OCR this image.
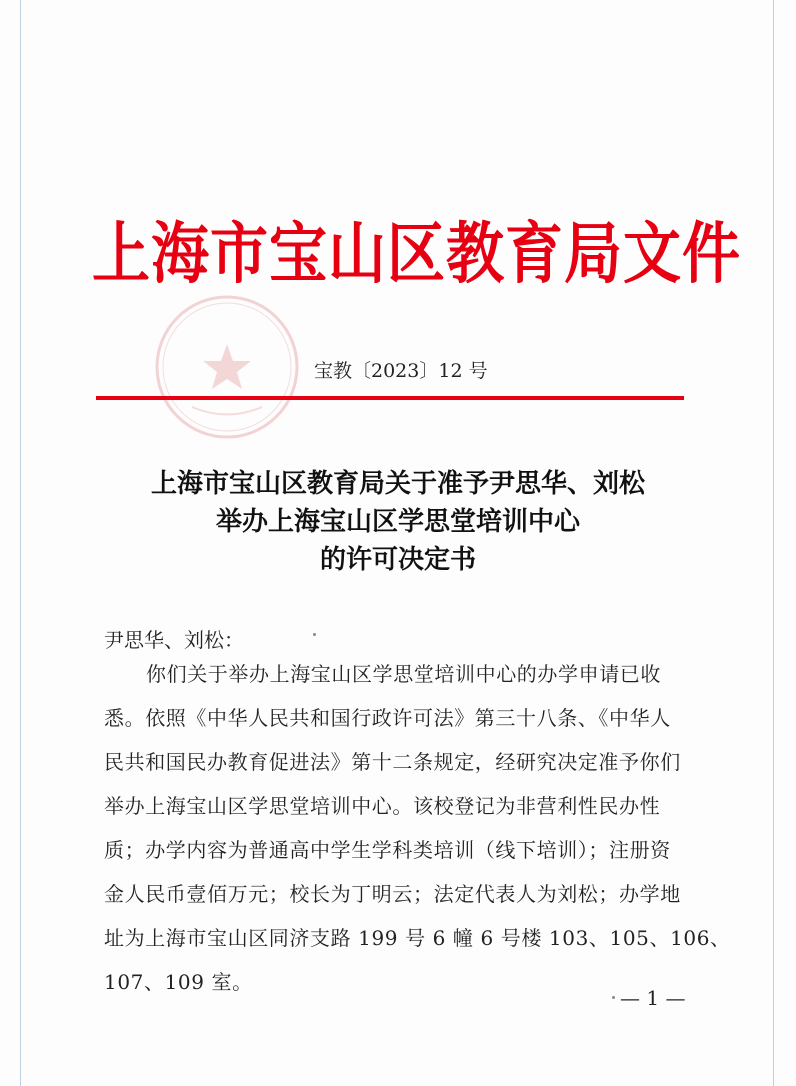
上海市宝山区教育局文件
宝教〔2023〕12 号
上海市宝山区教育局关于准予尹思华、刘松
举办上海宝山区学思堂培训中心
的许可决定书
尹思华、刘松：
你们关于举办上海宝山区学思堂培训中心的办学申请已收
悉。依照《中华人民共和国行政许可法》第三十八条、《中华人
民共和国民办教育促进法》第十二条规定，经研究决定准予你们
举办上海宝山区学思堂培训中心。该校登记为非营利性民办性
质；办学内容为普通高中学生学科类培训（线下培训）；注册资
金人民币壹佰万元；校长为丁明云；法定代表人为刘松；办学地
址为上海市宝山区同济支路 199 号 6 幢 6 号楼 103、105、106、
107、109 室。
— 1 —
